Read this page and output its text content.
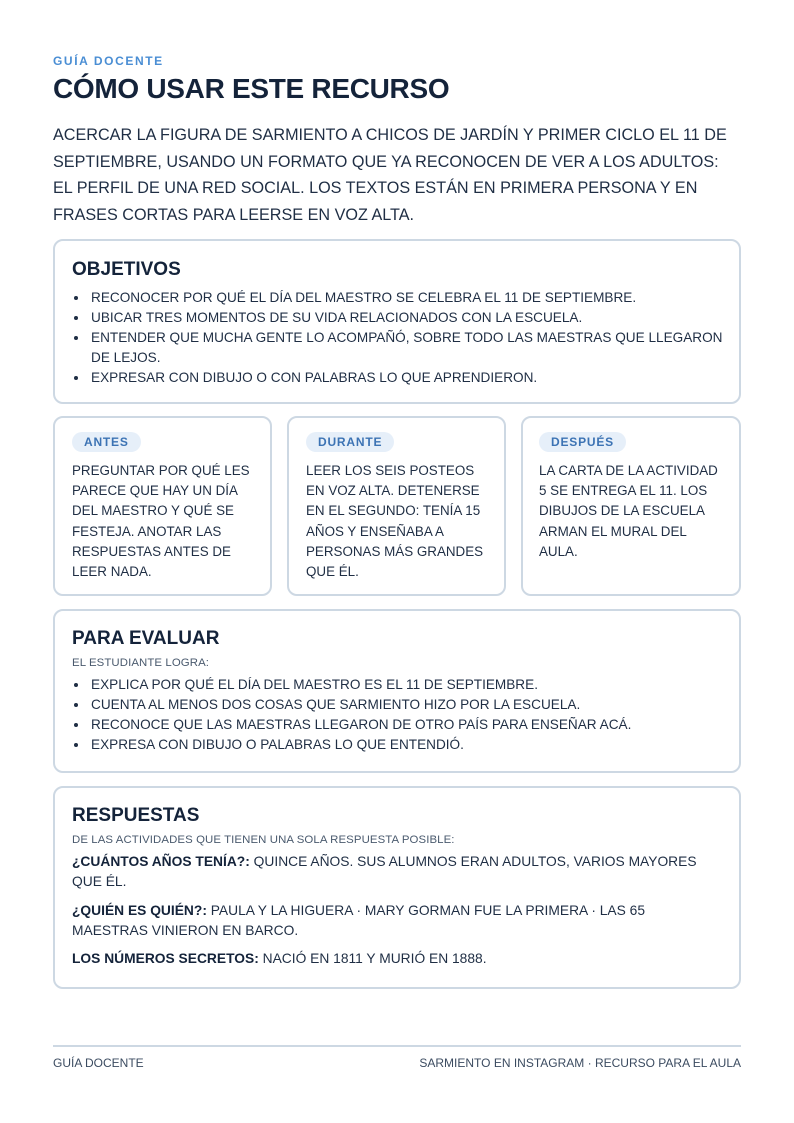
GUÍA DOCENTE
CÓMO USAR ESTE RECURSO

ACERCAR LA FIGURA DE SARMIENTO A CHICOS DE JARDÍN Y PRIMER CICLO EL 11 DE SEPTIEMBRE, USANDO UN FORMATO QUE YA RECONOCEN DE VER A LOS ADULTOS: EL PERFIL DE UNA RED SOCIAL. LOS TEXTOS ESTÁN EN PRIMERA PERSONA Y EN FRASES CORTAS PARA LEERSE EN VOZ ALTA.

OBJETIVOS
• RECONOCER POR QUÉ EL DÍA DEL MAESTRO SE CELEBRA EL 11 DE SEPTIEMBRE.
• UBICAR TRES MOMENTOS DE SU VIDA RELACIONADOS CON LA ESCUELA.
• ENTENDER QUE MUCHA GENTE LO ACOMPAÑÓ, SOBRE TODO LAS MAESTRAS QUE LLEGARON DE LEJOS.
• EXPRESAR CON DIBUJO O CON PALABRAS LO QUE APRENDIERON.
ANTES
PREGUNTAR POR QUÉ LES PARECE QUE HAY UN DÍA DEL MAESTRO Y QUÉ SE FESTEJA. ANOTAR LAS RESPUESTAS ANTES DE LEER NADA.
DURANTE
LEER LOS SEIS POSTEOS EN VOZ ALTA. DETENERSE EN EL SEGUNDO: TENÍA 15 AÑOS Y ENSEÑABA A PERSONAS MÁS GRANDES QUE ÉL.
DESPUÉS
LA CARTA DE LA ACTIVIDAD 5 SE ENTREGA EL 11. LOS DIBUJOS DE LA ESCUELA ARMAN EL MURAL DEL AULA.
PARA EVALUAR

EL ESTUDIANTE LOGRA:

• EXPLICA POR QUÉ EL DÍA DEL MAESTRO ES EL 11 DE SEPTIEMBRE.
• CUENTA AL MENOS DOS COSAS QUE SARMIENTO HIZO POR LA ESCUELA.
• RECONOCE QUE LAS MAESTRAS LLEGARON DE OTRO PAÍS PARA ENSEÑAR ACÁ.
• EXPRESA CON DIBUJO O PALABRAS LO QUE ENTENDIÓ.
RESPUESTAS

DE LAS ACTIVIDADES QUE TIENEN UNA SOLA RESPUESTA POSIBLE:

¿CUÁNTOS AÑOS TENÍA?: QUINCE AÑOS. SUS ALUMNOS ERAN ADULTOS, VARIOS MAYORES QUE ÉL.

¿QUIÉN ES QUIÉN?: PAULA Y LA HIGUERA · MARY GORMAN FUE LA PRIMERA · LAS 65 MAESTRAS VINIERON EN BARCO.

LOS NÚMEROS SECRETOS: NACIÓ EN 1811 Y MURIÓ EN 1888.

GUÍA DOCENTE	SARMIENTO EN INSTAGRAM · RECURSO PARA EL AULA
